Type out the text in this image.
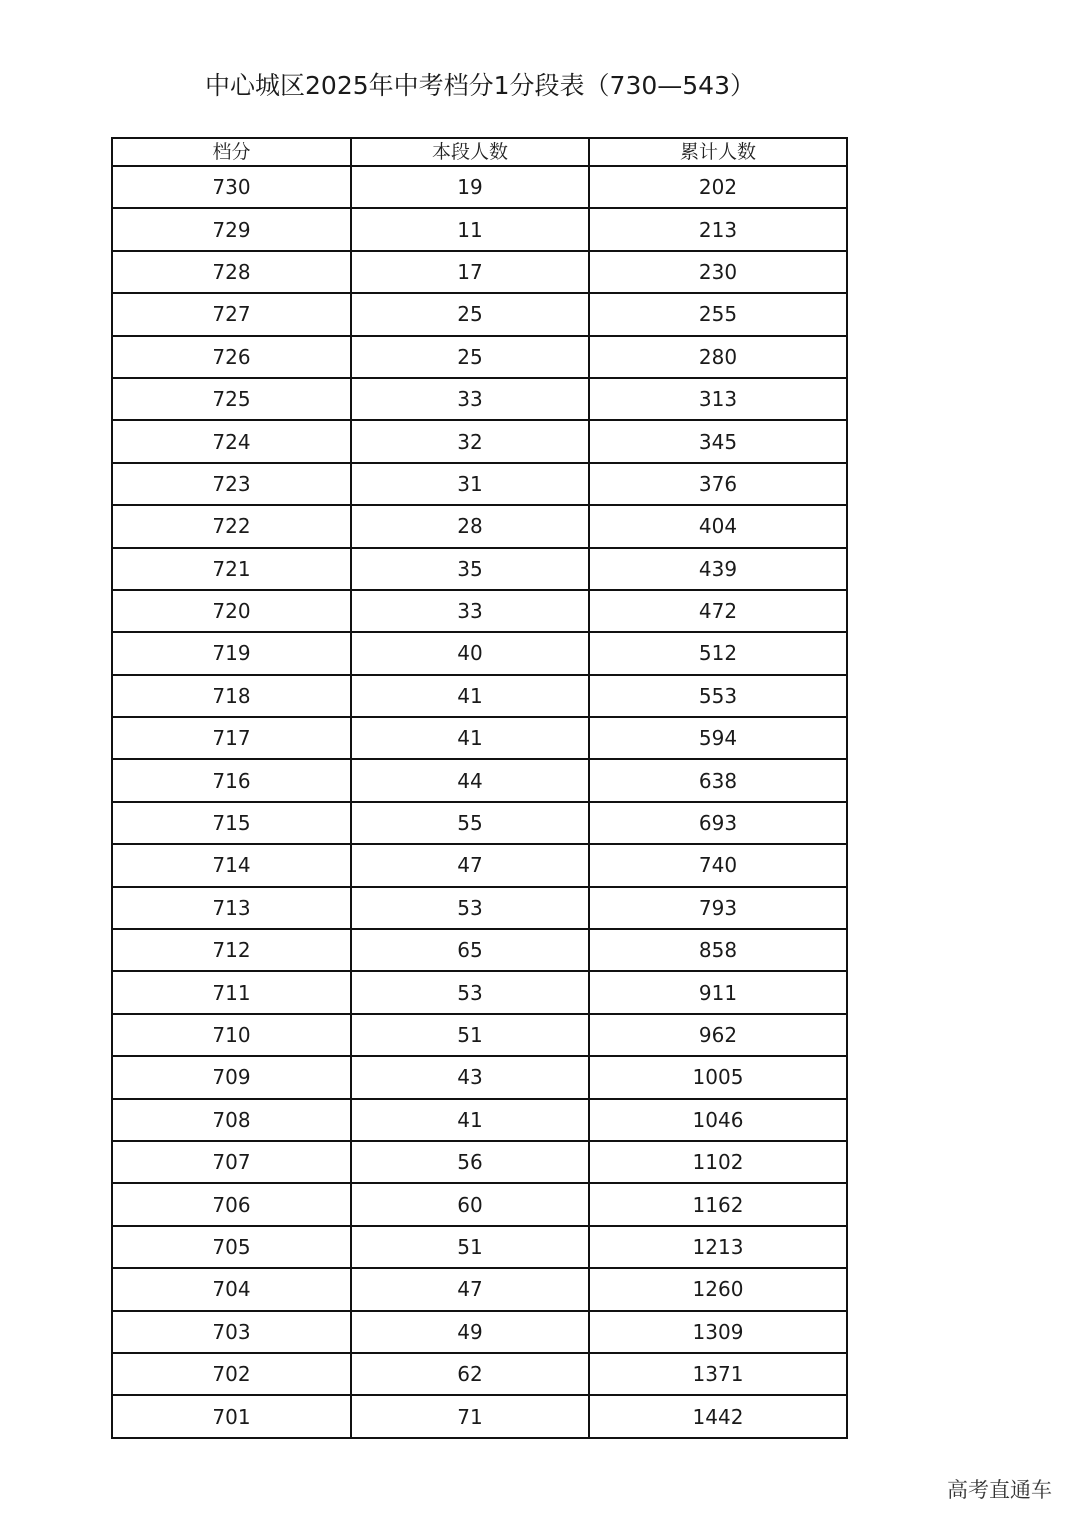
中心城区2025年中考档分1分段表（730—543）
档分	本段人数	累计人数
730	19	202
729	11	213
728	17	230
727	25	255
726	25	280
725	33	313
724	32	345
723	31	376
722	28	404
721	35	439
720	33	472
719	40	512
718	41	553
717	41	594
716	44	638
715	55	693
714	47	740
713	53	793
712	65	858
711	53	911
710	51	962
709	43	1005
708	41	1046
707	56	1102
706	60	1162
705	51	1213
704	47	1260
703	49	1309
702	62	1371
701	71	1442
高考直通车
